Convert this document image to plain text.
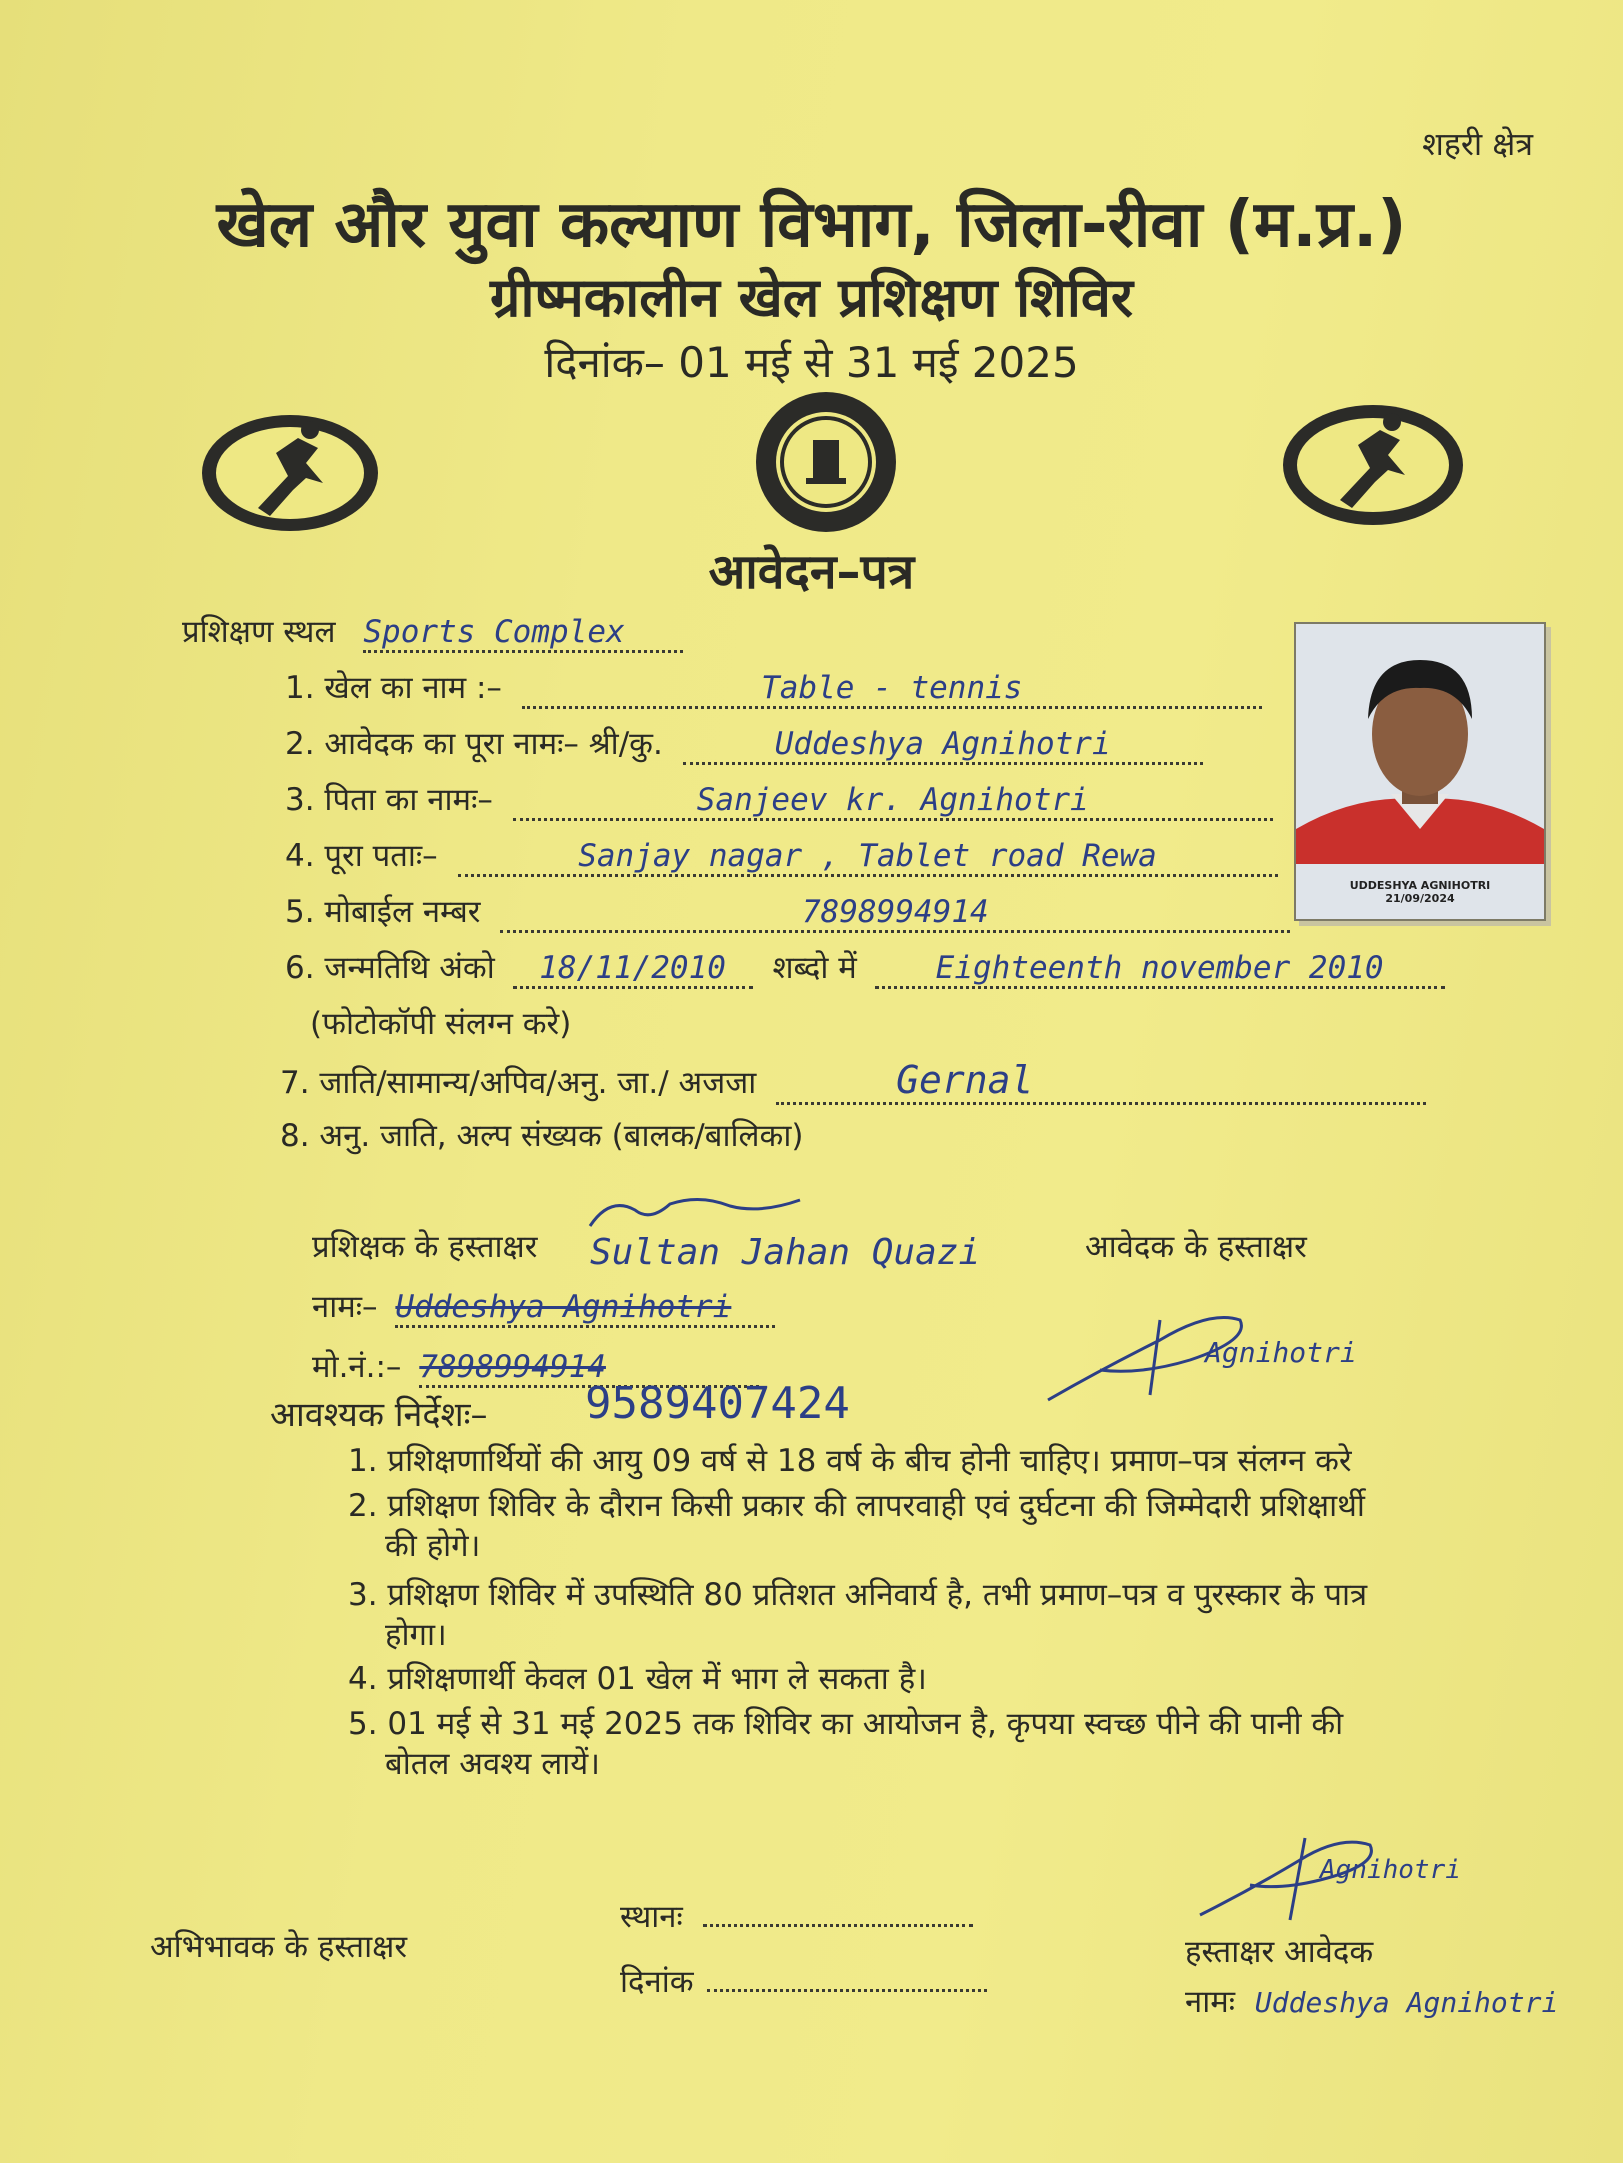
शहरी क्षेत्र
खेल और युवा कल्याण विभाग, जिला-रीवा (म.प्र.)
ग्रीष्मकालीन खेल प्रशिक्षण शिविर
दिनांक– 01 मई से 31 मई 2025
आवेदन–पत्र
UDDESHYA AGNIHOTRI
21/09/2024
प्रशिक्षण स्थल Sports Complex
1. खेल का नाम :–	Table - tennis
2. आवेदक का पूरा नामः– श्री/कु.	Uddeshya Agnihotri
3. पिता का नामः–	Sanjeev kr. Agnihotri
4. पूरा पताः–	Sanjay nagar , Tablet road Rewa
5. मोबाईल नम्बर	7898994914
6. जन्मतिथि अंको 18/11/2010 शब्दो में	Eighteenth november 2010
(फोटोकॉपी संलग्न करे)
7. जाति/सामान्य/अपिव/अनु. जा./ अजजा	Gernal
8. अनु. जाति, अल्प संख्यक (बालक/बालिका)
प्रशिक्षक के हस्ताक्षर Sultan Jahan Quazi	आवेदक के हस्ताक्षर
नामः– Uddeshya Agnihotri
मो.नं.:– 7898994914
9589407424
Agnihotri
आवश्यक निर्देशः–
1. प्रशिक्षणार्थियों की आयु 09 वर्ष से 18 वर्ष के बीच होनी चाहिए। प्रमाण–पत्र संलग्न करे
2. प्रशिक्षण शिविर के दौरान किसी प्रकार की लापरवाही एवं दुर्घटना की जिम्मेदारी प्रशिक्षार्थी
की होगे।
3. प्रशिक्षण शिविर में उपस्थिति 80 प्रतिशत अनिवार्य है, तभी प्रमाण–पत्र व पुरस्कार के पात्र
होगा।
4. प्रशिक्षणार्थी केवल 01 खेल में भाग ले सकता है।
5. 01 मई से 31 मई 2025 तक शिविर का आयोजन है, कृपया स्वच्छ पीने की पानी की
बोतल अवश्य लायें।
अभिभावक के हस्ताक्षर
स्थानः
दिनांक
Agnihotri
हस्ताक्षर आवेदक
नामः Uddeshya Agnihotri
